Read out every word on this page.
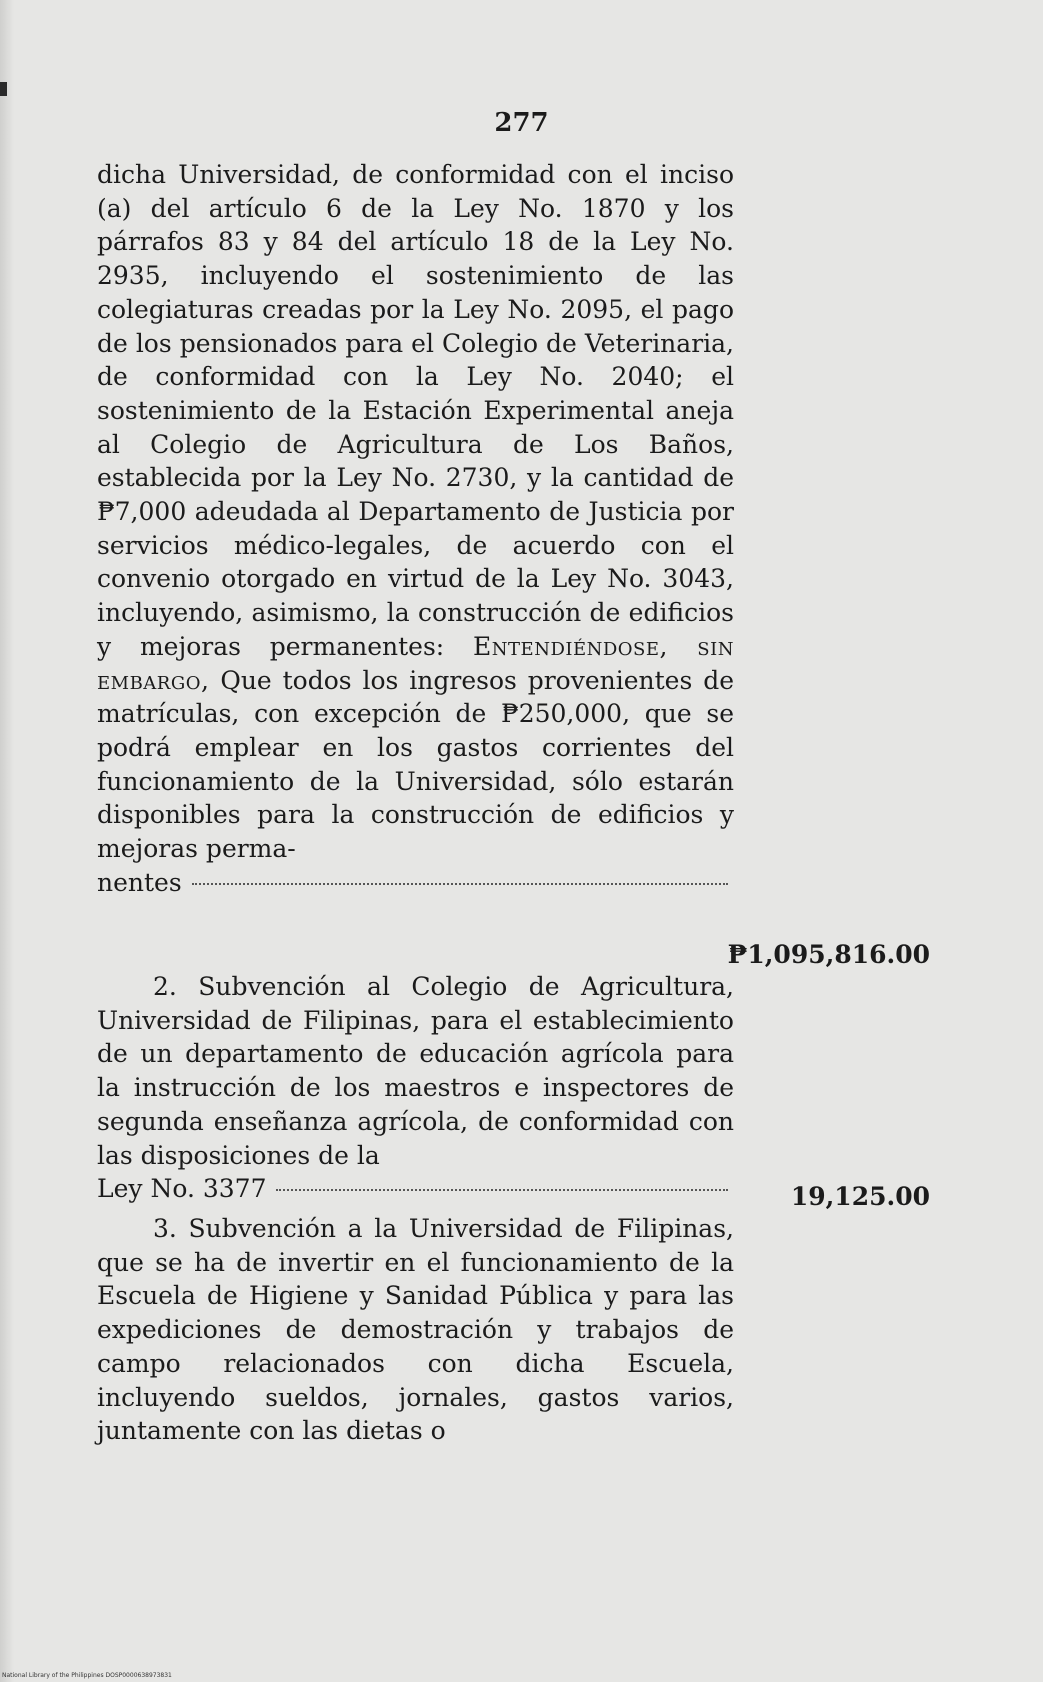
277
dicha Universidad, de conformidad con el inciso (a) del artículo 6 de la Ley No. 1870 y los párrafos 83 y 84 del artículo 18 de la Ley No. 2935, incluyendo el sostenimiento de las colegiaturas creadas por la Ley No. 2095, el pago de los pensionados para el Colegio de Veterinaria, de conformidad con la Ley No. 2040; el sostenimiento de la Estación Experimental aneja al Colegio de Agricultura de Los Baños, establecida por la Ley No. 2730, y la cantidad de ₱7,000 adeudada al Departamento de Justicia por servicios médico-legales, de acuerdo con el convenio otorgado en virtud de la Ley No. 3043, incluyendo, asimismo, la construcción de edificios y mejoras permanentes: Entendiéndose, sin embargo, Que todos los ingresos provenientes de matrículas, con excepción de ₱250,000, que se podrá emplear en los gastos corrientes del funcionamiento de la Universidad, sólo estarán disponibles para la construcción de edificios y mejoras perma-
nentes
₱1,095,816.00
2. Subvención al Colegio de Agricultura, Universidad de Filipinas, para el establecimiento de un departamento de educación agrícola para la instrucción de los maestros e inspectores de segunda enseñanza agrícola, de conformidad con las disposiciones de la
Ley No. 3377	19,125.00
3. Subvención a la Universidad de Filipinas, que se ha de invertir en el funcionamiento de la Escuela de Higiene y Sanidad Pública y para las expediciones de demostración y trabajos de campo relacionados con dicha Escuela, incluyendo sueldos, jornales, gastos varios, juntamente con las dietas o
National Library of the Philippines DOSP0000638973831
